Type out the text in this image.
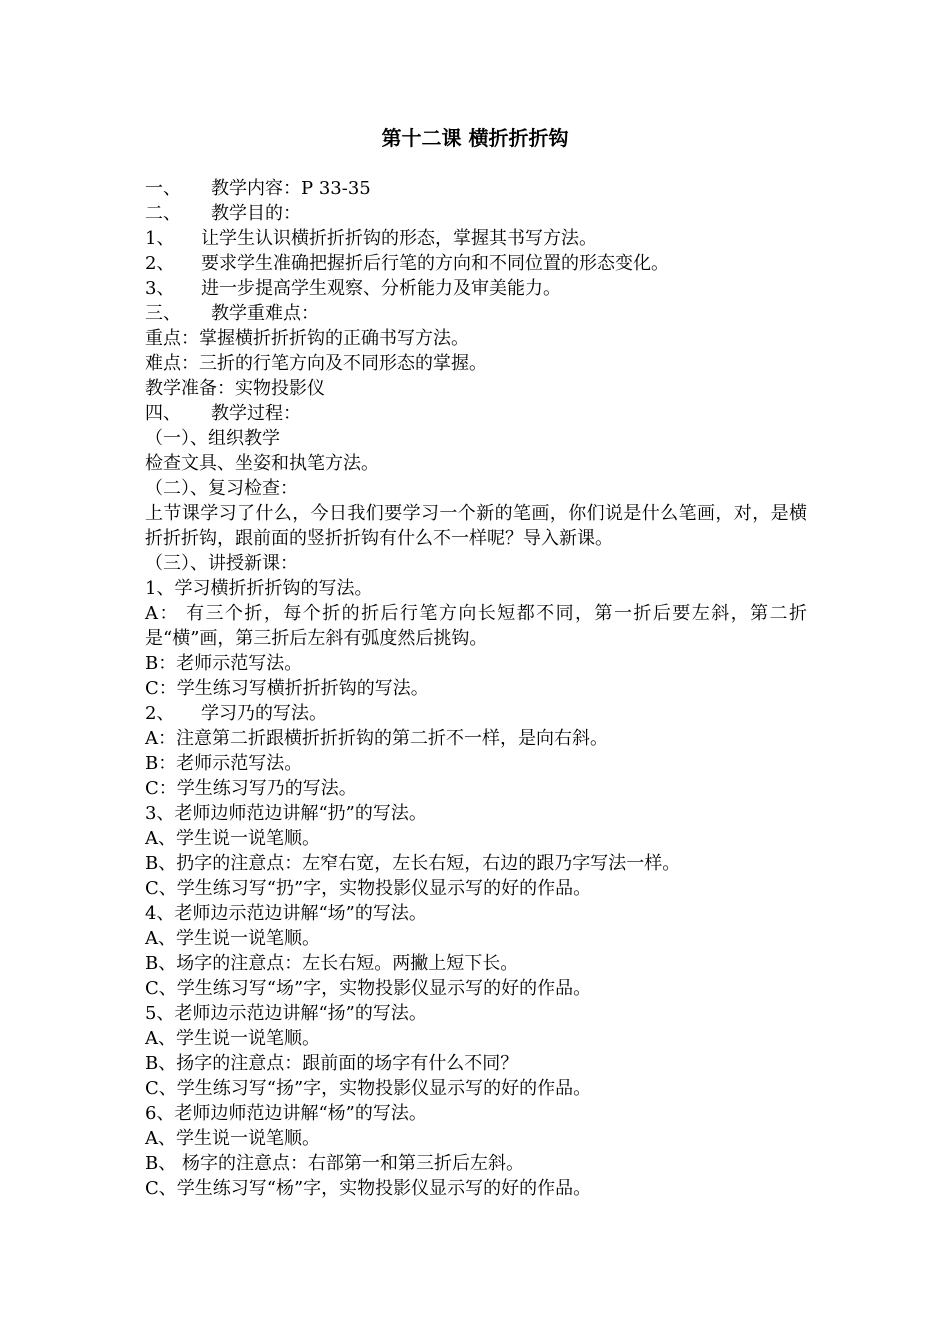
第十二课 横折折折钩

一、 教学内容：P 33-35

二、 教学目的：

1、 让学生认识横折折折钩的形态，掌握其书写方法。

2、 要求学生准确把握折后行笔的方向和不同位置的形态变化。

3、 进一步提高学生观察、分析能力及审美能力。

三、 教学重难点：

重点：掌握横折折折钩的正确书写方法。

难点：三折的行笔方向及不同形态的掌握。

教学准备：实物投影仪

四、 教学过程：

（一）、组织教学

检查文具、坐姿和执笔方法。

（二）、复习检查：

上节课学习了什么，今日我们要学习一个新的笔画，你们说是什么笔画，对，是横折折折钩，跟前面的竖折折钩有什么不一样呢？导入新课。

（三）、讲授新课：

1、学习横折折折钩的写法。

A： 有三个折，每个折的折后行笔方向长短都不同，第一折后要左斜，第二折是“横”画，第三折后左斜有弧度然后挑钩。

B：老师示范写法。

C：学生练习写横折折折钩的写法。

2、 学习乃的写法。

A：注意第二折跟横折折折钩的第二折不一样，是向右斜。

B：老师示范写法。

C：学生练习写乃的写法。

3、老师边师范边讲解“扔”的写法。

A、学生说一说笔顺。

B、扔字的注意点：左窄右宽，左长右短，右边的跟乃字写法一样。

C、学生练习写“扔”字，实物投影仪显示写的好的作品。

4、老师边示范边讲解“场”的写法。

A、学生说一说笔顺。

B、场字的注意点：左长右短。两撇上短下长。

C、学生练习写“场”字，实物投影仪显示写的好的作品。

5、老师边示范边讲解“扬”的写法。

A、学生说一说笔顺。

B、扬字的注意点：跟前面的场字有什么不同？

C、学生练习写“扬”字，实物投影仪显示写的好的作品。

6、老师边师范边讲解“杨”的写法。

A、学生说一说笔顺。

B、 杨字的注意点：右部第一和第三折后左斜。

C、学生练习写“杨”字，实物投影仪显示写的好的作品。
